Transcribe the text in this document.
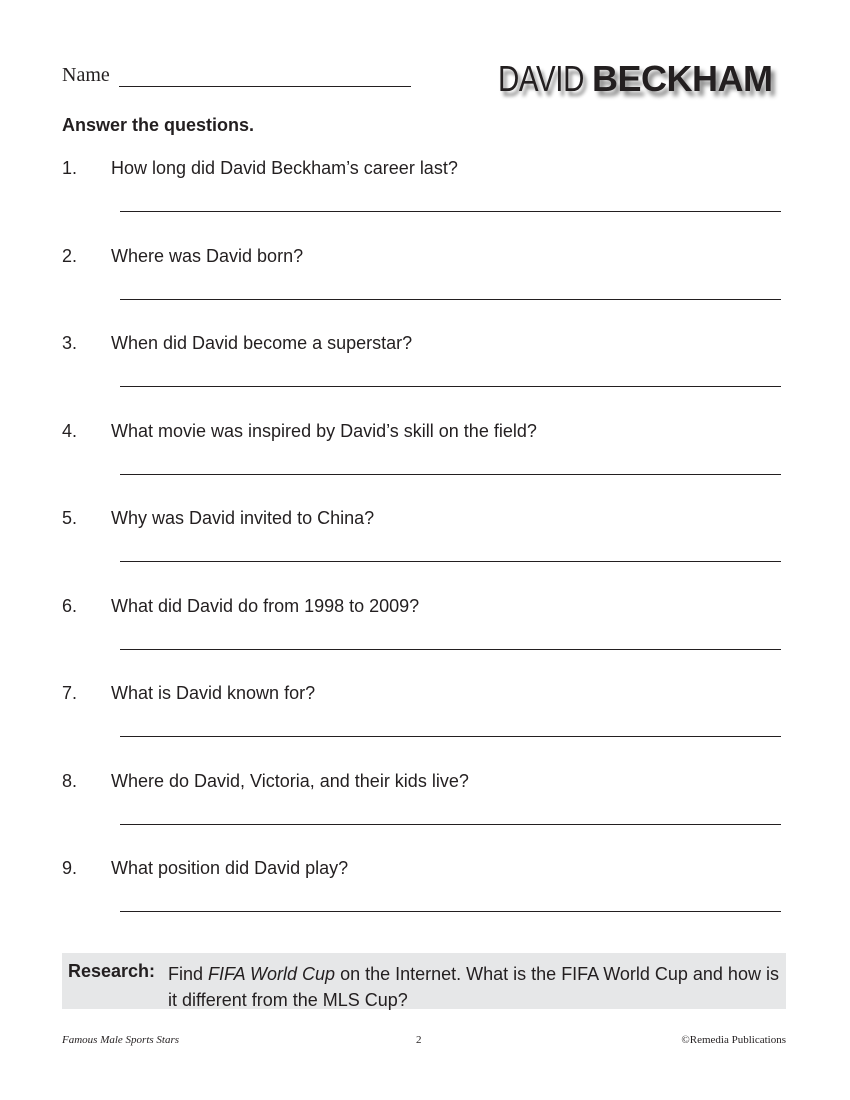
Name	DAVID BECKHAM
Answer the questions.
1. How long did David Beckham’s career last?
2. Where was David born?
3. When did David become a superstar?
4. What movie was inspired by David’s skill on the field?
5. Why was David invited to China?
6. What did David do from 1998 to 2009?
7. What is David known for?
8. Where do David, Victoria, and their kids live?
9. What position did David play?
Research: Find FIFA World Cup on the Internet. What is the FIFA World Cup and how is it different from the MLS Cup?
Famous Male Sports Stars	2	©Remedia Publications
